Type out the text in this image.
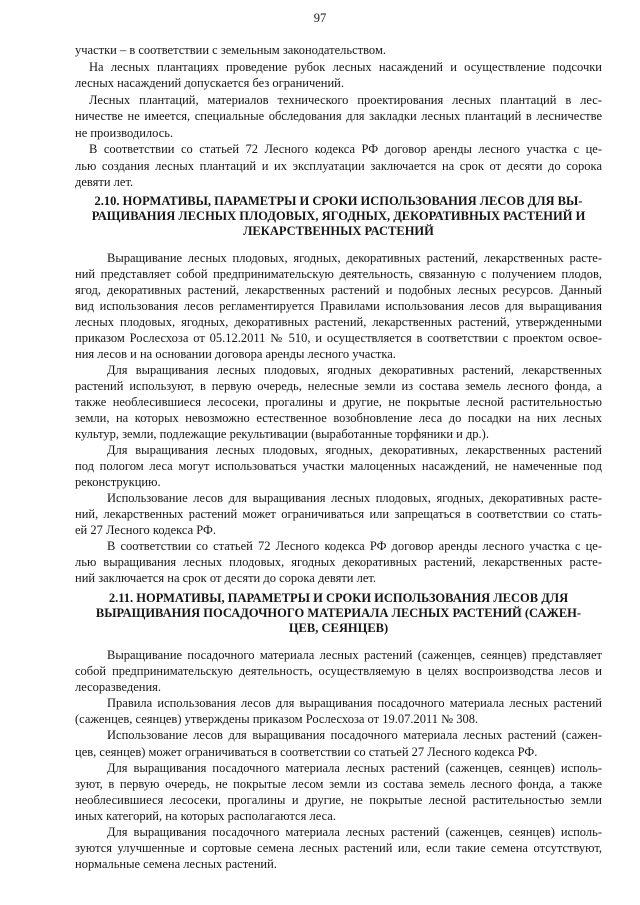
97
участки – в соответствии с земельным законодательством.
На лесных плантациях проведение рубок лесных насаждений и осуществление подсочки
лесных насаждений допускается без ограничений.
Лесных плантаций, материалов технического проектирования лесных плантаций в лес-
ничестве не имеется, специальные обследования для закладки лесных плантаций в лесничестве
не производилось.
В соответствии со статьей 72 Лесного кодекса РФ договор аренды лесного участка с це-
лью создания лесных плантаций и их эксплуатации заключается на срок от десяти до сорока
девяти лет.
2.10. НОРМАТИВЫ, ПАРАМЕТРЫ И СРОКИ ИСПОЛЬЗОВАНИЯ ЛЕСОВ ДЛЯ ВЫ-
РАЩИВАНИЯ ЛЕСНЫХ ПЛОДОВЫХ, ЯГОДНЫХ, ДЕКОРАТИВНЫХ РАСТЕНИЙ И
ЛЕКАРСТВЕННЫХ РАСТЕНИЙ
Выращивание лесных плодовых, ягодных, декоративных растений, лекарственных расте-
ний представляет собой предпринимательскую деятельность, связанную с получением плодов,
ягод, декоративных растений, лекарственных растений и подобных лесных ресурсов. Данный
вид использования лесов регламентируется Правилами использования лесов для выращивания
лесных плодовых, ягодных, декоративных растений, лекарственных растений, утвержденными
приказом Рослесхоза от 05.12.2011 № 510, и осуществляется в соответствии с проектом освое-
ния лесов и на основании договора аренды лесного участка.
Для выращивания лесных плодовых, ягодных декоративных растений, лекарственных
растений используют, в первую очередь, нелесные земли из состава земель лесного фонда, а
также необлесившиеся лесосеки, прогалины и другие, не покрытые лесной растительностью
земли, на которых невозможно естественное возобновление леса до посадки на них лесных
культур, земли, подлежащие рекультивации (выработанные торфяники и др.).
Для выращивания лесных плодовых, ягодных, декоративных, лекарственных растений
под пологом леса могут использоваться участки малоценных насаждений, не намеченные под
реконструкцию.
Использование лесов для выращивания лесных плодовых, ягодных, декоративных расте-
ний, лекарственных растений может ограничиваться или запрещаться в соответствии со стать-
ей 27 Лесного кодекса РФ.
В соответствии со статьей 72 Лесного кодекса РФ договор аренды лесного участка с це-
лью выращивания лесных плодовых, ягодных декоративных растений, лекарственных расте-
ний заключается на срок от десяти до сорока девяти лет.
2.11. НОРМАТИВЫ, ПАРАМЕТРЫ И СРОКИ ИСПОЛЬЗОВАНИЯ ЛЕСОВ ДЛЯ
ВЫРАЩИВАНИЯ ПОСАДОЧНОГО МАТЕРИАЛА ЛЕСНЫХ РАСТЕНИЙ (САЖЕН-
ЦЕВ, СЕЯНЦЕВ)
Выращивание посадочного материала лесных растений (саженцев, сеянцев) представляет
собой предпринимательскую деятельность, осуществляемую в целях воспроизводства лесов и
лесоразведения.
Правила использования лесов для выращивания посадочного материала лесных растений
(саженцев, сеянцев) утверждены приказом Рослесхоза от 19.07.2011 № 308.
Использование лесов для выращивания посадочного материала лесных растений (сажен-
цев, сеянцев) может ограничиваться в соответствии со статьей 27 Лесного кодекса РФ.
Для выращивания посадочного материала лесных растений (саженцев, сеянцев) исполь-
зуют, в первую очередь, не покрытые лесом земли из состава земель лесного фонда, а также
необлесившиеся лесосеки, прогалины и другие, не покрытые лесной растительностью земли
иных категорий, на которых располагаются леса.
Для выращивания посадочного материала лесных растений (саженцев, сеянцев) исполь-
зуются улучшенные и сортовые семена лесных растений или, если такие семена отсутствуют,
нормальные семена лесных растений.
